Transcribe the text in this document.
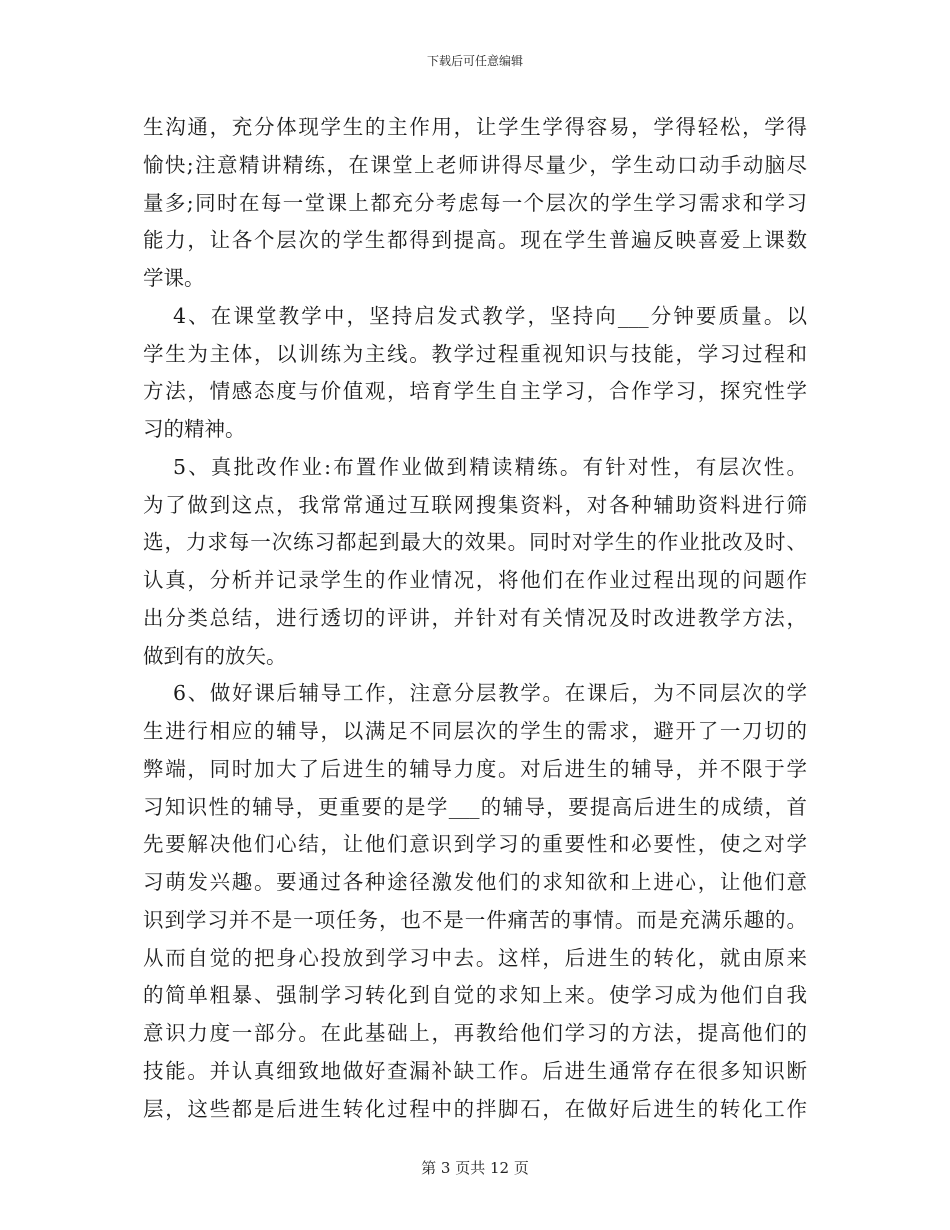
下载后可任意编辑
生沟通，充分体现学生的主作用，让学生学得容易，学得轻松，学得
愉快;注意精讲精练，在课堂上老师讲得尽量少，学生动口动手动脑尽
量多;同时在每一堂课上都充分考虑每一个层次的学生学习需求和学习
能力，让各个层次的学生都得到提高。现在学生普遍反映喜爱上课数
学课。
4、在课堂教学中，坚持启发式教学，坚持向___分钟要质量。以
学生为主体，以训练为主线。教学过程重视知识与技能，学习过程和
方法，情感态度与价值观，培育学生自主学习，合作学习，探究性学
习的精神。
5、真批改作业:布置作业做到精读精练。有针对性，有层次性。
为了做到这点，我常常通过互联网搜集资料，对各种辅助资料进行筛
选，力求每一次练习都起到最大的效果。同时对学生的作业批改及时、
认真，分析并记录学生的作业情况，将他们在作业过程出现的问题作
出分类总结，进行透切的评讲，并针对有关情况及时改进教学方法，
做到有的放矢。
6、做好课后辅导工作，注意分层教学。在课后，为不同层次的学
生进行相应的辅导，以满足不同层次的学生的需求，避开了一刀切的
弊端，同时加大了后进生的辅导力度。对后进生的辅导，并不限于学
习知识性的辅导，更重要的是学___的辅导，要提高后进生的成绩，首
先要解决他们心结，让他们意识到学习的重要性和必要性，使之对学
习萌发兴趣。要通过各种途径激发他们的求知欲和上进心，让他们意
识到学习并不是一项任务，也不是一件痛苦的事情。而是充满乐趣的。
从而自觉的把身心投放到学习中去。这样，后进生的转化，就由原来
的简单粗暴、强制学习转化到自觉的求知上来。使学习成为他们自我
意识力度一部分。在此基础上，再教给他们学习的方法，提高他们的
技能。并认真细致地做好查漏补缺工作。后进生通常存在很多知识断
层，这些都是后进生转化过程中的拌脚石，在做好后进生的转化工作
第 3 页共 12 页
